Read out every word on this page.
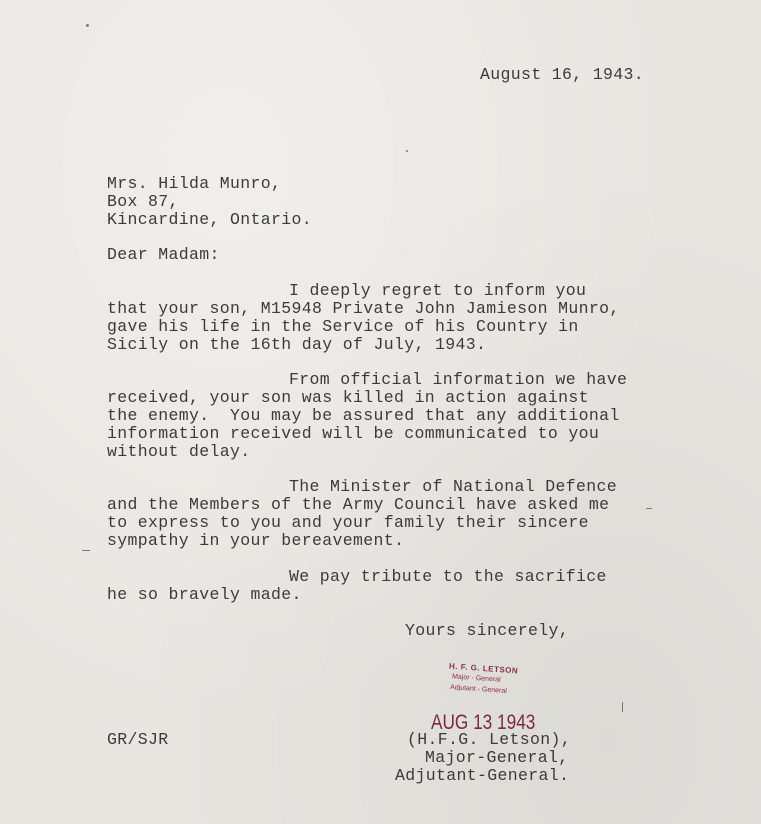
August 16, 1943.

Mrs. Hilda Munro,

Box 87,

Kincardine, Ontario.

Dear Madam:

I deeply regret to inform you

that your son, M15948 Private John Jamieson Munro,

gave his life in the Service of his Country in

Sicily on the 16th day of July, 1943.

From official information we have

received, your son was killed in action against

the enemy.  You may be assured that any additional

information received will be communicated to you

without delay.

The Minister of National Defence

and the Members of the Army Council have asked me

to express to you and your family their sincere

sympathy in your bereavement.

We pay tribute to the sacrifice

he so bravely made.

Yours sincerely,

H. F. G. LETSON
Major - General
Adjutant - General

GR/SJR	(H.F.G. Letson),

Major-General,

Adjutant-General.

AUG 13 1943
